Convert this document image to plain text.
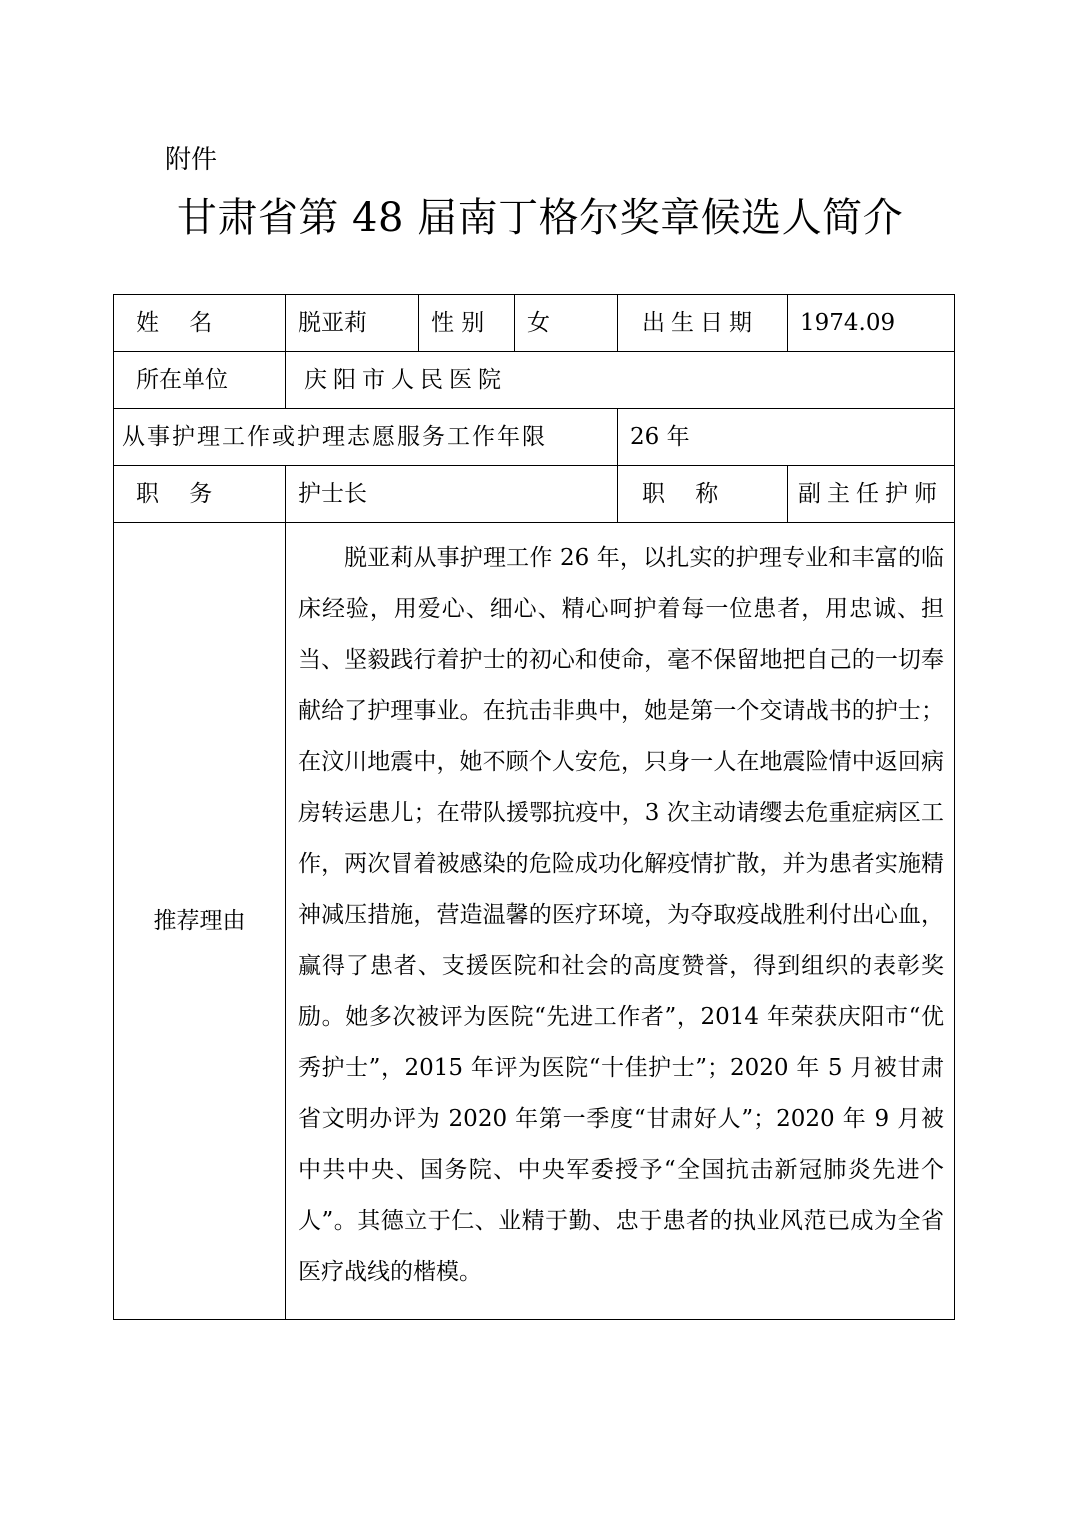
附件
甘肃省第 48 届南丁格尔奖章候选人简介
姓　 名	脱亚莉	性 别	女	出生日期	1974.09
所在单位	庆阳市人民医院				
从事护理工作或护理志愿服务工作年限				26 年	
职　 务	护士长			职　 称	副主任护师
推荐理由	脱亚莉从事护理工作 26 年，以扎实的护理专业和丰富的临床经验，用爱心、细心、精心呵护着每一位患者，用忠诚、担当、坚毅践行着护士的初心和使命，毫不保留地把自己的一切奉献给了护理事业。在抗击非典中，她是第一个交请战书的护士；在汶川地震中，她不顾个人安危，只身一人在地震险情中返回病房转运患儿；在带队援鄂抗疫中，3 次主动请缨去危重症病区工作，两次冒着被感染的危险成功化解疫情扩散，并为患者实施精神减压措施，营造温馨的医疗环境，为夺取疫战胜利付出心血，赢得了患者、支援医院和社会的高度赞誉，得到组织的表彰奖励。她多次被评为医院“先进工作者”，2014 年荣获庆阳市“优秀护士”，2015 年评为医院“十佳护士”；2020 年 5 月被甘肃省文明办评为 2020 年第一季度“甘肃好人”；2020 年 9 月被中共中央、国务院、中央军委授予“全国抗击新冠肺炎先进个人”。其德立于仁、业精于勤、忠于患者的执业风范已成为全省医疗战线的楷模。				
